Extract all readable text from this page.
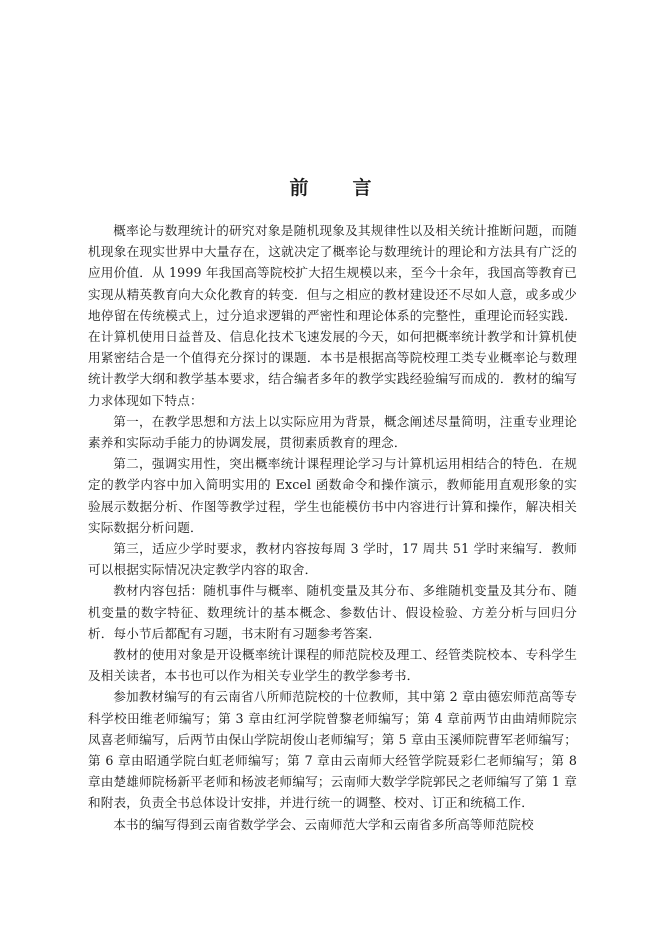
前言

概率论与数理统计的研究对象是随机现象及其规律性以及相关统计推断问题，而随机现象在现实世界中大量存在，这就决定了概率论与数理统计的理论和方法具有广泛的应用价值．从 1999 年我国高等院校扩大招生规模以来，至今十余年，我国高等教育已实现从精英教育向大众化教育的转变．但与之相应的教材建设还不尽如人意，或多或少地停留在传统模式上，过分追求逻辑的严密性和理论体系的完整性，重理论而轻实践．在计算机使用日益普及、信息化技术飞速发展的今天，如何把概率统计教学和计算机使用紧密结合是一个值得充分探讨的课题．本书是根据高等院校理工类专业概率论与数理统计教学大纲和教学基本要求，结合编者多年的教学实践经验编写而成的．教材的编写力求体现如下特点：

第一，在教学思想和方法上以实际应用为背景，概念阐述尽量简明，注重专业理论素养和实际动手能力的协调发展，贯彻素质教育的理念．

第二，强调实用性，突出概率统计课程理论学习与计算机运用相结合的特色．在规定的教学内容中加入简明实用的 Excel 函数命令和操作演示，教师能用直观形象的实验展示数据分析、作图等教学过程，学生也能模仿书中内容进行计算和操作，解决相关实际数据分析问题．

第三，适应少学时要求，教材内容按每周 3 学时，17 周共 51 学时来编写．教师可以根据实际情况决定教学内容的取舍．

教材内容包括：随机事件与概率、随机变量及其分布、多维随机变量及其分布、随机变量的数字特征、数理统计的基本概念、参数估计、假设检验、方差分析与回归分析．每小节后都配有习题，书末附有习题参考答案．

教材的使用对象是开设概率统计课程的师范院校及理工、经管类院校本、专科学生及相关读者，本书也可以作为相关专业学生的教学参考书．

参加教材编写的有云南省八所师范院校的十位教师，其中第 2 章由德宏师范高等专科学校田维老师编写；第 3 章由红河学院曾黎老师编写；第 4 章前两节由曲靖师院宗凤喜老师编写，后两节由保山学院胡俊山老师编写；第 5 章由玉溪师院曹军老师编写；第 6 章由昭通学院白虹老师编写；第 7 章由云南师大经管学院聂彩仁老师编写；第 8 章由楚雄师院杨新平老师和杨波老师编写；云南师大数学学院郭民之老师编写了第 1 章和附表，负责全书总体设计安排，并进行统一的调整、校对、订正和统稿工作．

本书的编写得到云南省数学学会、云南师范大学和云南省多所高等师范院校
